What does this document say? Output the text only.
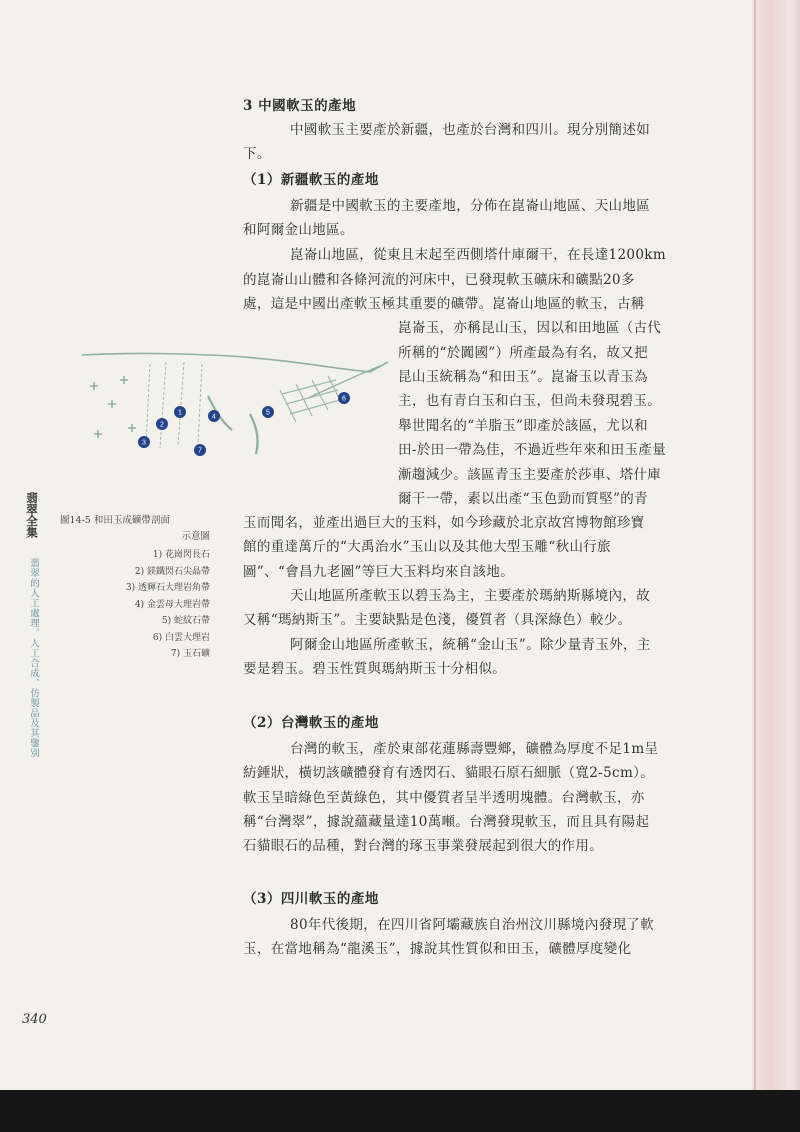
3 中國軟玉的產地
中國軟玉主要產於新疆，也產於台灣和四川。現分別簡述如
下。
（1）新疆軟玉的產地
新疆是中國軟玉的主要產地，分佈在崑崙山地區、天山地區
和阿爾金山地區。
崑崙山地區，從東且末起至西側塔什庫爾干，在長達1200km
的崑崙山山體和各條河流的河床中，已發現軟玉礦床和礦點20多
處，這是中國出產軟玉極其重要的礦帶。崑崙山地區的軟玉，古稱
崑崙玉，亦稱昆山玉，因以和田地區（古代
所稱的“於闐國”）所產最為有名，故又把
昆山玉統稱為“和田玉”。崑崙玉以青玉為
主，也有青白玉和白玉，但尚未發現碧玉。
舉世聞名的“羊脂玉”即產於該區，尤以和
田-於田一帶為佳，不過近些年來和田玉產量
漸趨減少。該區青玉主要產於莎車、塔什庫
爾干一帶，素以出產“玉色勁而質堅”的青
玉而聞名，並產出過巨大的玉料，如今珍藏於北京故宮博物館珍寶
館的重達萬斤的“大禹治水”玉山以及其他大型玉雕“秋山行旅
圖”、“會昌九老圖”等巨大玉料均來自該地。
天山地區所產軟玉以碧玉為主，主要產於瑪納斯縣境內，故
又稱“瑪納斯玉”。主要缺點是色淺，優質者（具深綠色）較少。
阿爾金山地區所產軟玉，統稱“金山玉”。除少量青玉外，主
要是碧玉。碧玉性質與瑪納斯玉十分相似。
（2）台灣軟玉的產地
台灣的軟玉，產於東部花蓮縣壽豐鄉，礦體為厚度不足1m呈
紡錘狀，橫切該礦體發育有透閃石、貓眼石原石細脈（寬2-5cm）。
軟玉呈暗綠色至黃綠色，其中優質者呈半透明塊體。台灣軟玉，亦
稱“台灣翠”，據說蘊藏量達10萬噸。台灣發現軟玉，而且具有陽起
石貓眼石的品種，對台灣的琢玉事業發展起到很大的作用。
（3）四川軟玉的產地
80年代後期，在四川省阿壩藏族自治州汶川縣境內發現了軟
玉，在當地稱為“龍溪玉”，據說其性質似和田玉，礦體厚度變化
1
2
3
4
5
6
7
圖14-5 和田玉成礦帶剖面
示意圖
1) 花崗閃長石
2) 鎂鐵閃石尖晶帶
3) 透輝石大理岩角帶
4) 金雲母大理岩帶
5) 蛇紋石帶
6) 白雲大理岩
7) 玉石礦
翡翠全集
翡翠的人工處理、人工合成、仿製品及其鑒別
340
